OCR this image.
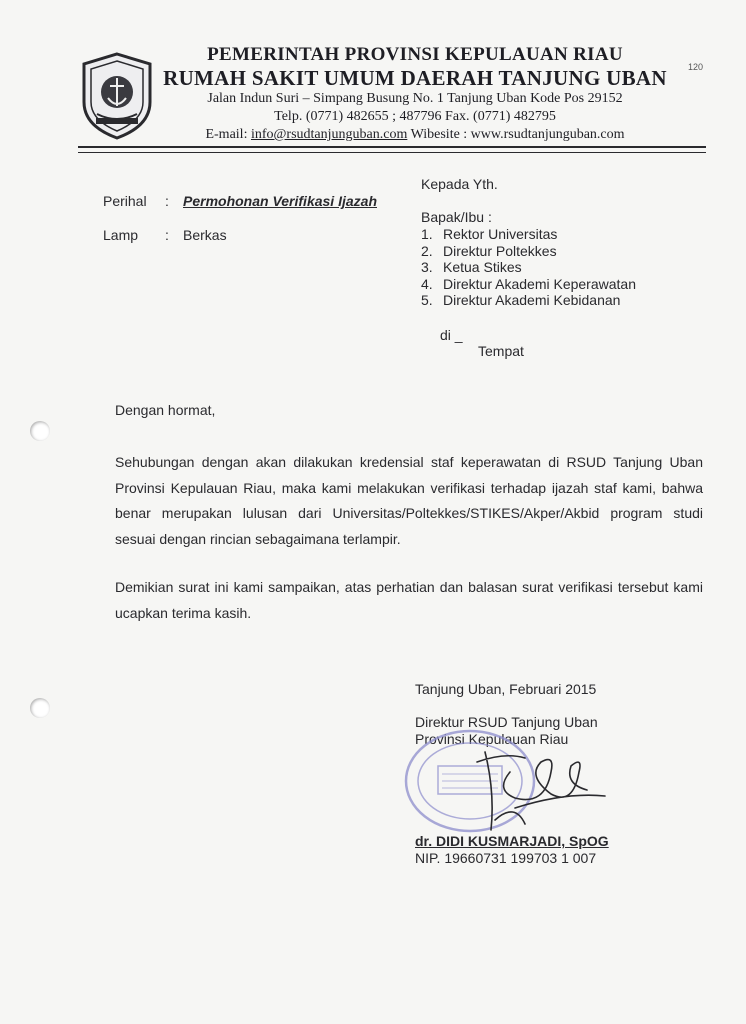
PEMERINTAH PROVINSI KEPULAUAN RIAU
RUMAH SAKIT UMUM DAERAH TANJUNG UBAN
Jalan Indun Suri – Simpang Busung No. 1 Tanjung Uban Kode Pos 29152
Telp. (0771) 482655 ; 487796 Fax. (0771) 482795
E-mail: info@rsudtanjunguban.com Wibesite : www.rsudtanjunguban.com
120
Perihal : Permohonan Verifikasi Ijazah
Lamp : Berkas
Kepada Yth.
Bapak/Ibu :
1. Rektor Universitas
2. Direktur Poltekkes
3. Ketua Stikes
4. Direktur Akademi Keperawatan
5. Direktur Akademi Kebidanan
di _
Tempat
Dengan hormat,
Sehubungan dengan akan dilakukan kredensial staf keperawatan di RSUD Tanjung Uban Provinsi Kepulauan Riau, maka kami melakukan verifikasi terhadap ijazah staf kami, bahwa benar merupakan lulusan dari Universitas/Poltekkes/STIKES/Akper/Akbid program studi sesuai dengan rincian sebagaimana terlampir.
Demikian surat ini kami sampaikan, atas perhatian dan balasan surat verifikasi tersebut kami ucapkan terima kasih.
Tanjung Uban, Februari 2015
Direktur RSUD Tanjung Uban
Provinsi Kepulauan Riau
dr. DIDI KUSMARJADI, SpOG
NIP. 19660731 199703 1 007
